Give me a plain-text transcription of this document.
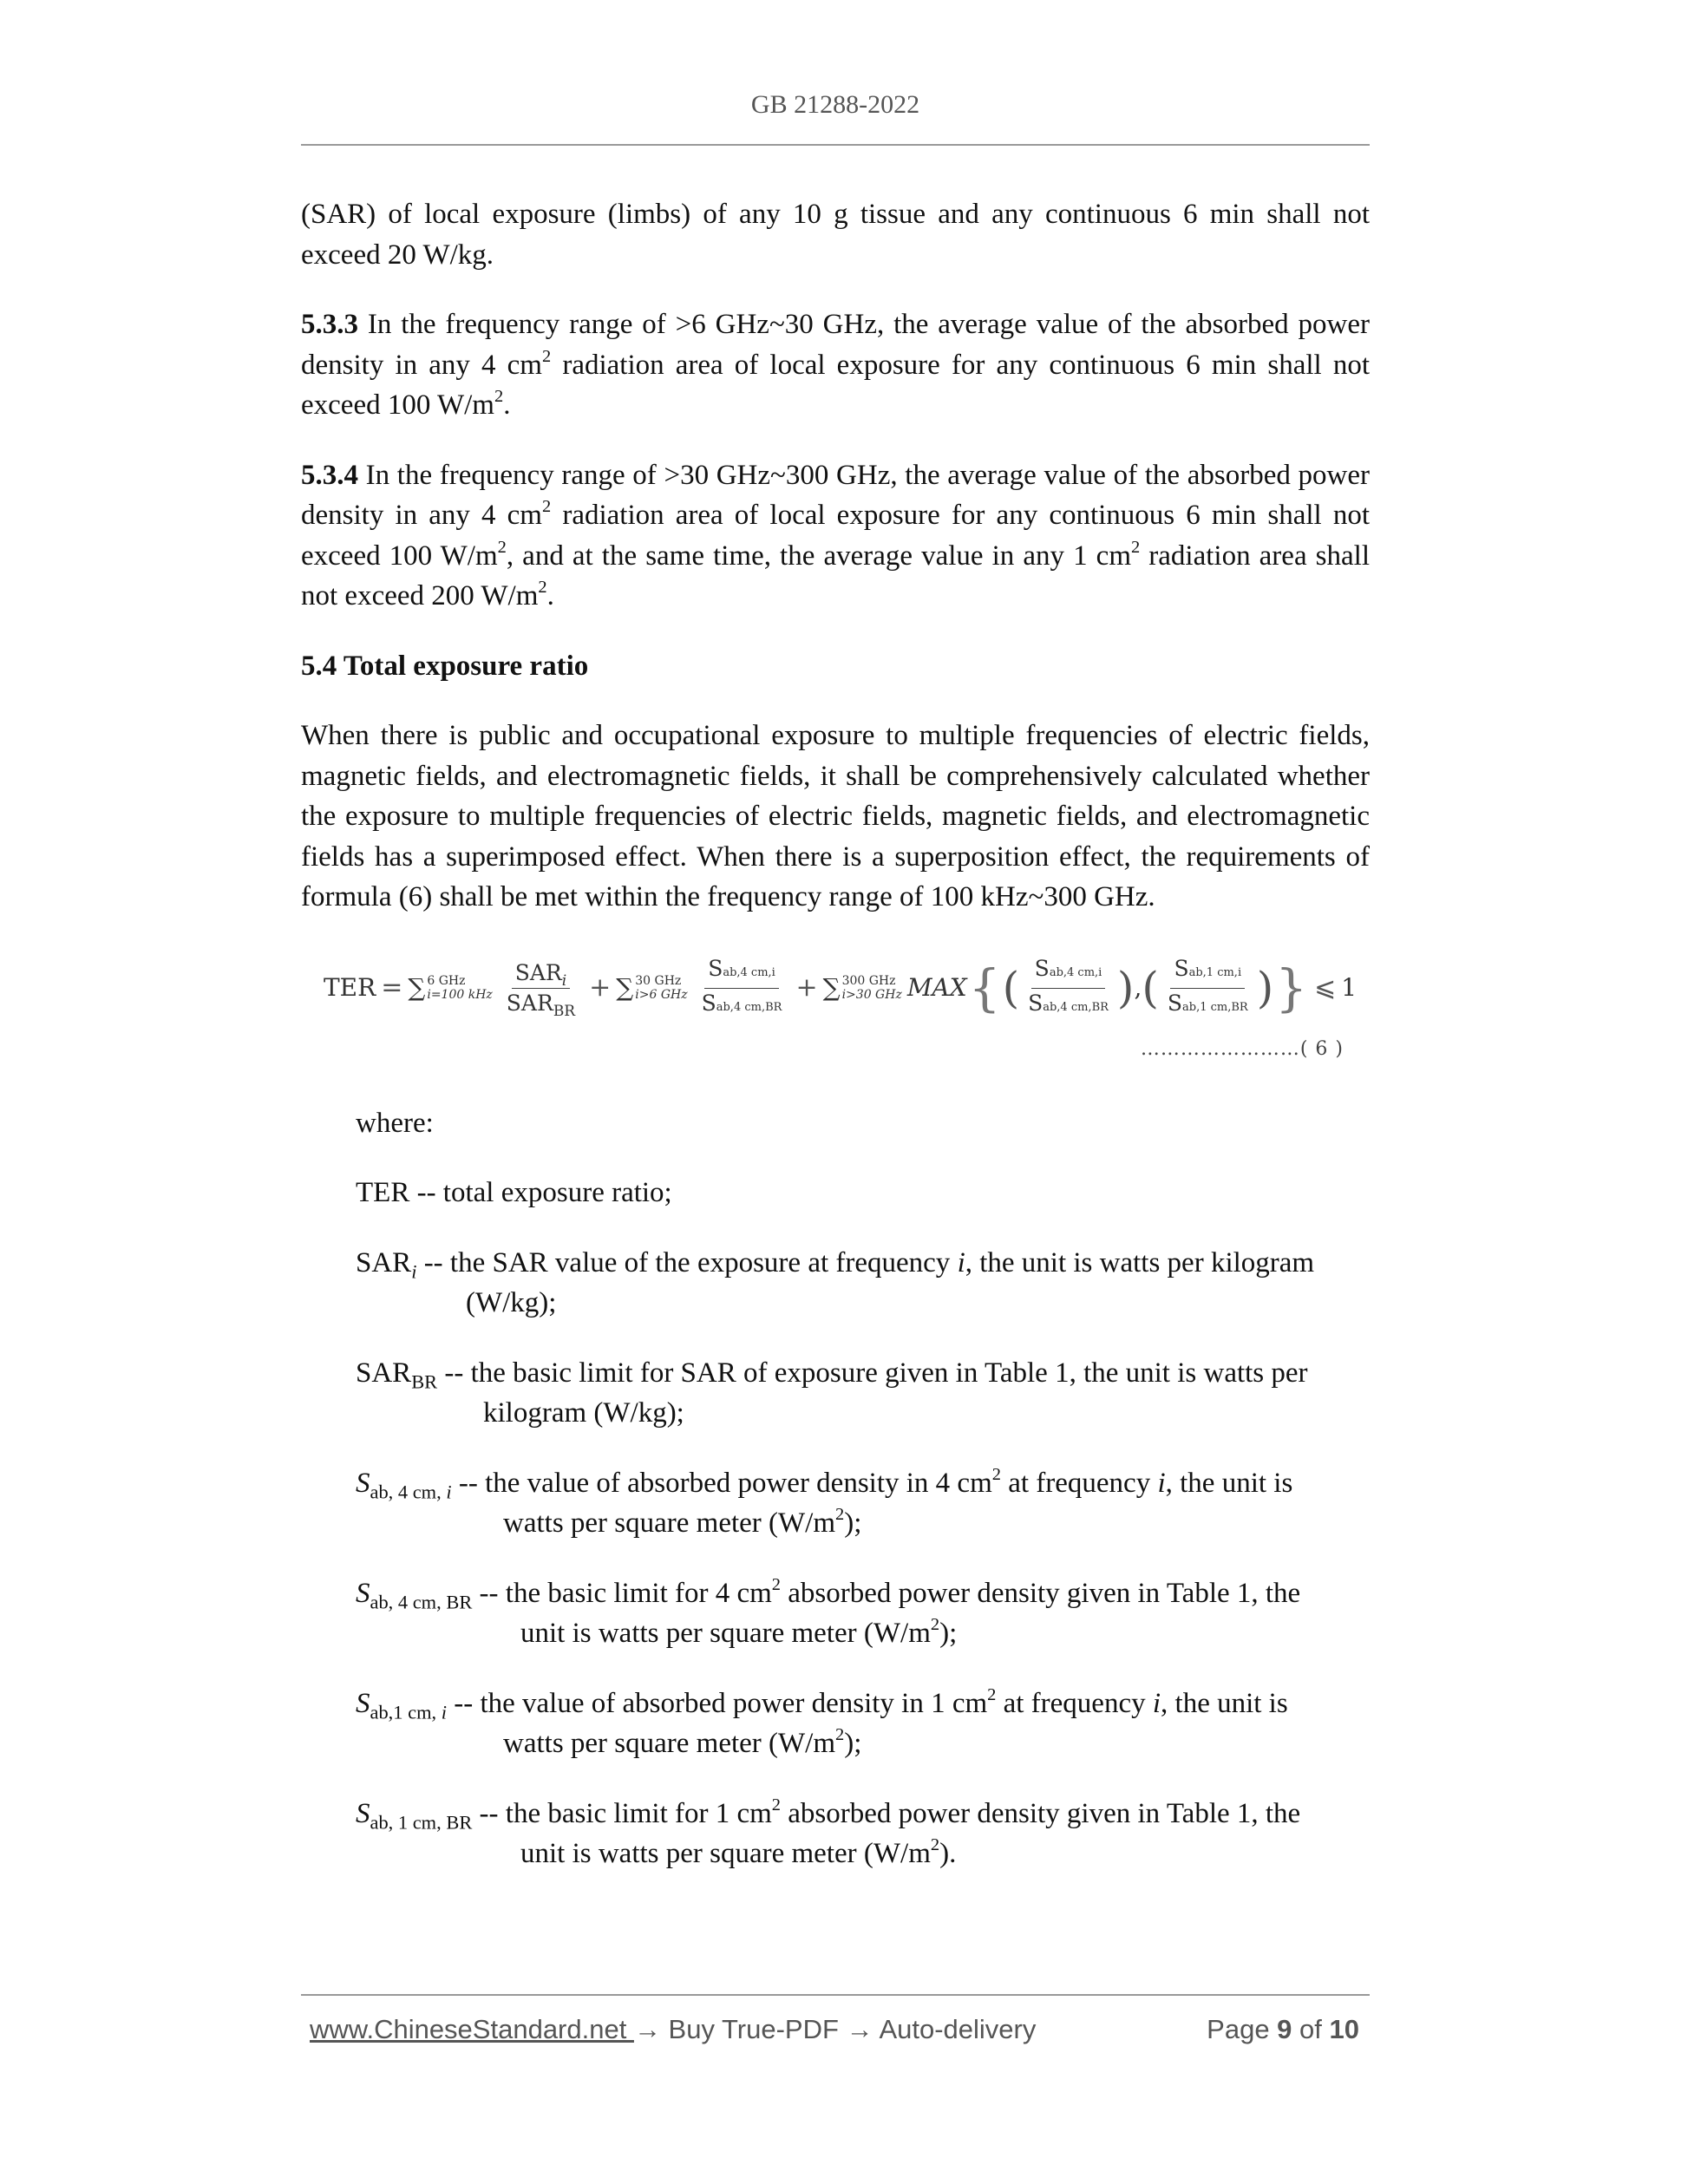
GB 21288-2022

(SAR) of local exposure (limbs) of any 10 g tissue and any continuous 6 min shall not exceed 20 W/kg.

5.3.3 In the frequency range of >6 GHz~30 GHz, the average value of the absorbed power density in any 4 $cm^2$ radiation area of local exposure for any continuous 6 min shall not exceed 100 $W/m^2$.

5.3.4 In the frequency range of >30 GHz~300 GHz, the average value of the absorbed power density in any 4 $cm^2$ radiation area of local exposure for any continuous 6 min shall not exceed 100 $W/m^2$, and at the same time, the average value in any 1 $cm^2$ radiation area shall not exceed 200 $W/m^2$.

5.4 Total exposure ratio

When there is public and occupational exposure to multiple frequencies of electric fields, magnetic fields, and electromagnetic fields, it shall be comprehensively calculated whether the exposure to multiple frequencies of electric fields, magnetic fields, and electromagnetic fields has a superimposed effect. When there is a superposition effect, the requirements of formula (6) shall be met within the frequency range of 100 kHz~300 GHz.

TER = ∑ 6 GHz
i=100 kHz $\frac{SAR_i}{SAR_{BR}}$ + ∑ 30 GHz
i>6 GHz $\frac{\text{Sab,4 cm,i}}{\text{Sab,4 cm,BR}}$ + ∑ 300 GHz
i>30 GHz MAX { ( $\frac{\text{Sab,4 cm,i}}{\text{Sab,4 cm,BR}}$ ) , ( $\frac{\text{Sab,1 cm,i}}{\text{Sab,1 cm,BR}}$ ) } ⩽ 1
……………………( 6 )

where:

TER -- total exposure ratio;

$SAR_i$ -- the SAR value of the exposure at frequency i, the unit is watts per kilogram
(W/kg);

$SAR_{BR}$ -- the basic limit for SAR of exposure given in Table 1, the unit is watts per
kilogram (W/kg);

$S_{ab, 4 cm, i}$ -- the value of absorbed power density in 4 $cm^2$ at frequency i, the unit is
watts per square meter $(W/m^2)$;

$S_{ab, 4 cm, BR}$ -- the basic limit for 4 $cm^2$ absorbed power density given in Table 1, the
unit is watts per square meter $(W/m^2)$;

$S_{ab,1 cm, i}$ -- the value of absorbed power density in 1 $cm^2$ at frequency i, the unit is
watts per square meter $(W/m^2)$;

$S_{ab, 1 cm, BR}$ -- the basic limit for 1 $cm^2$ absorbed power density given in Table 1, the
unit is watts per square meter $(W/m^2)$.

www.ChineseStandard.net → Buy True-PDF → Auto-delivery	Page 9 of 10
